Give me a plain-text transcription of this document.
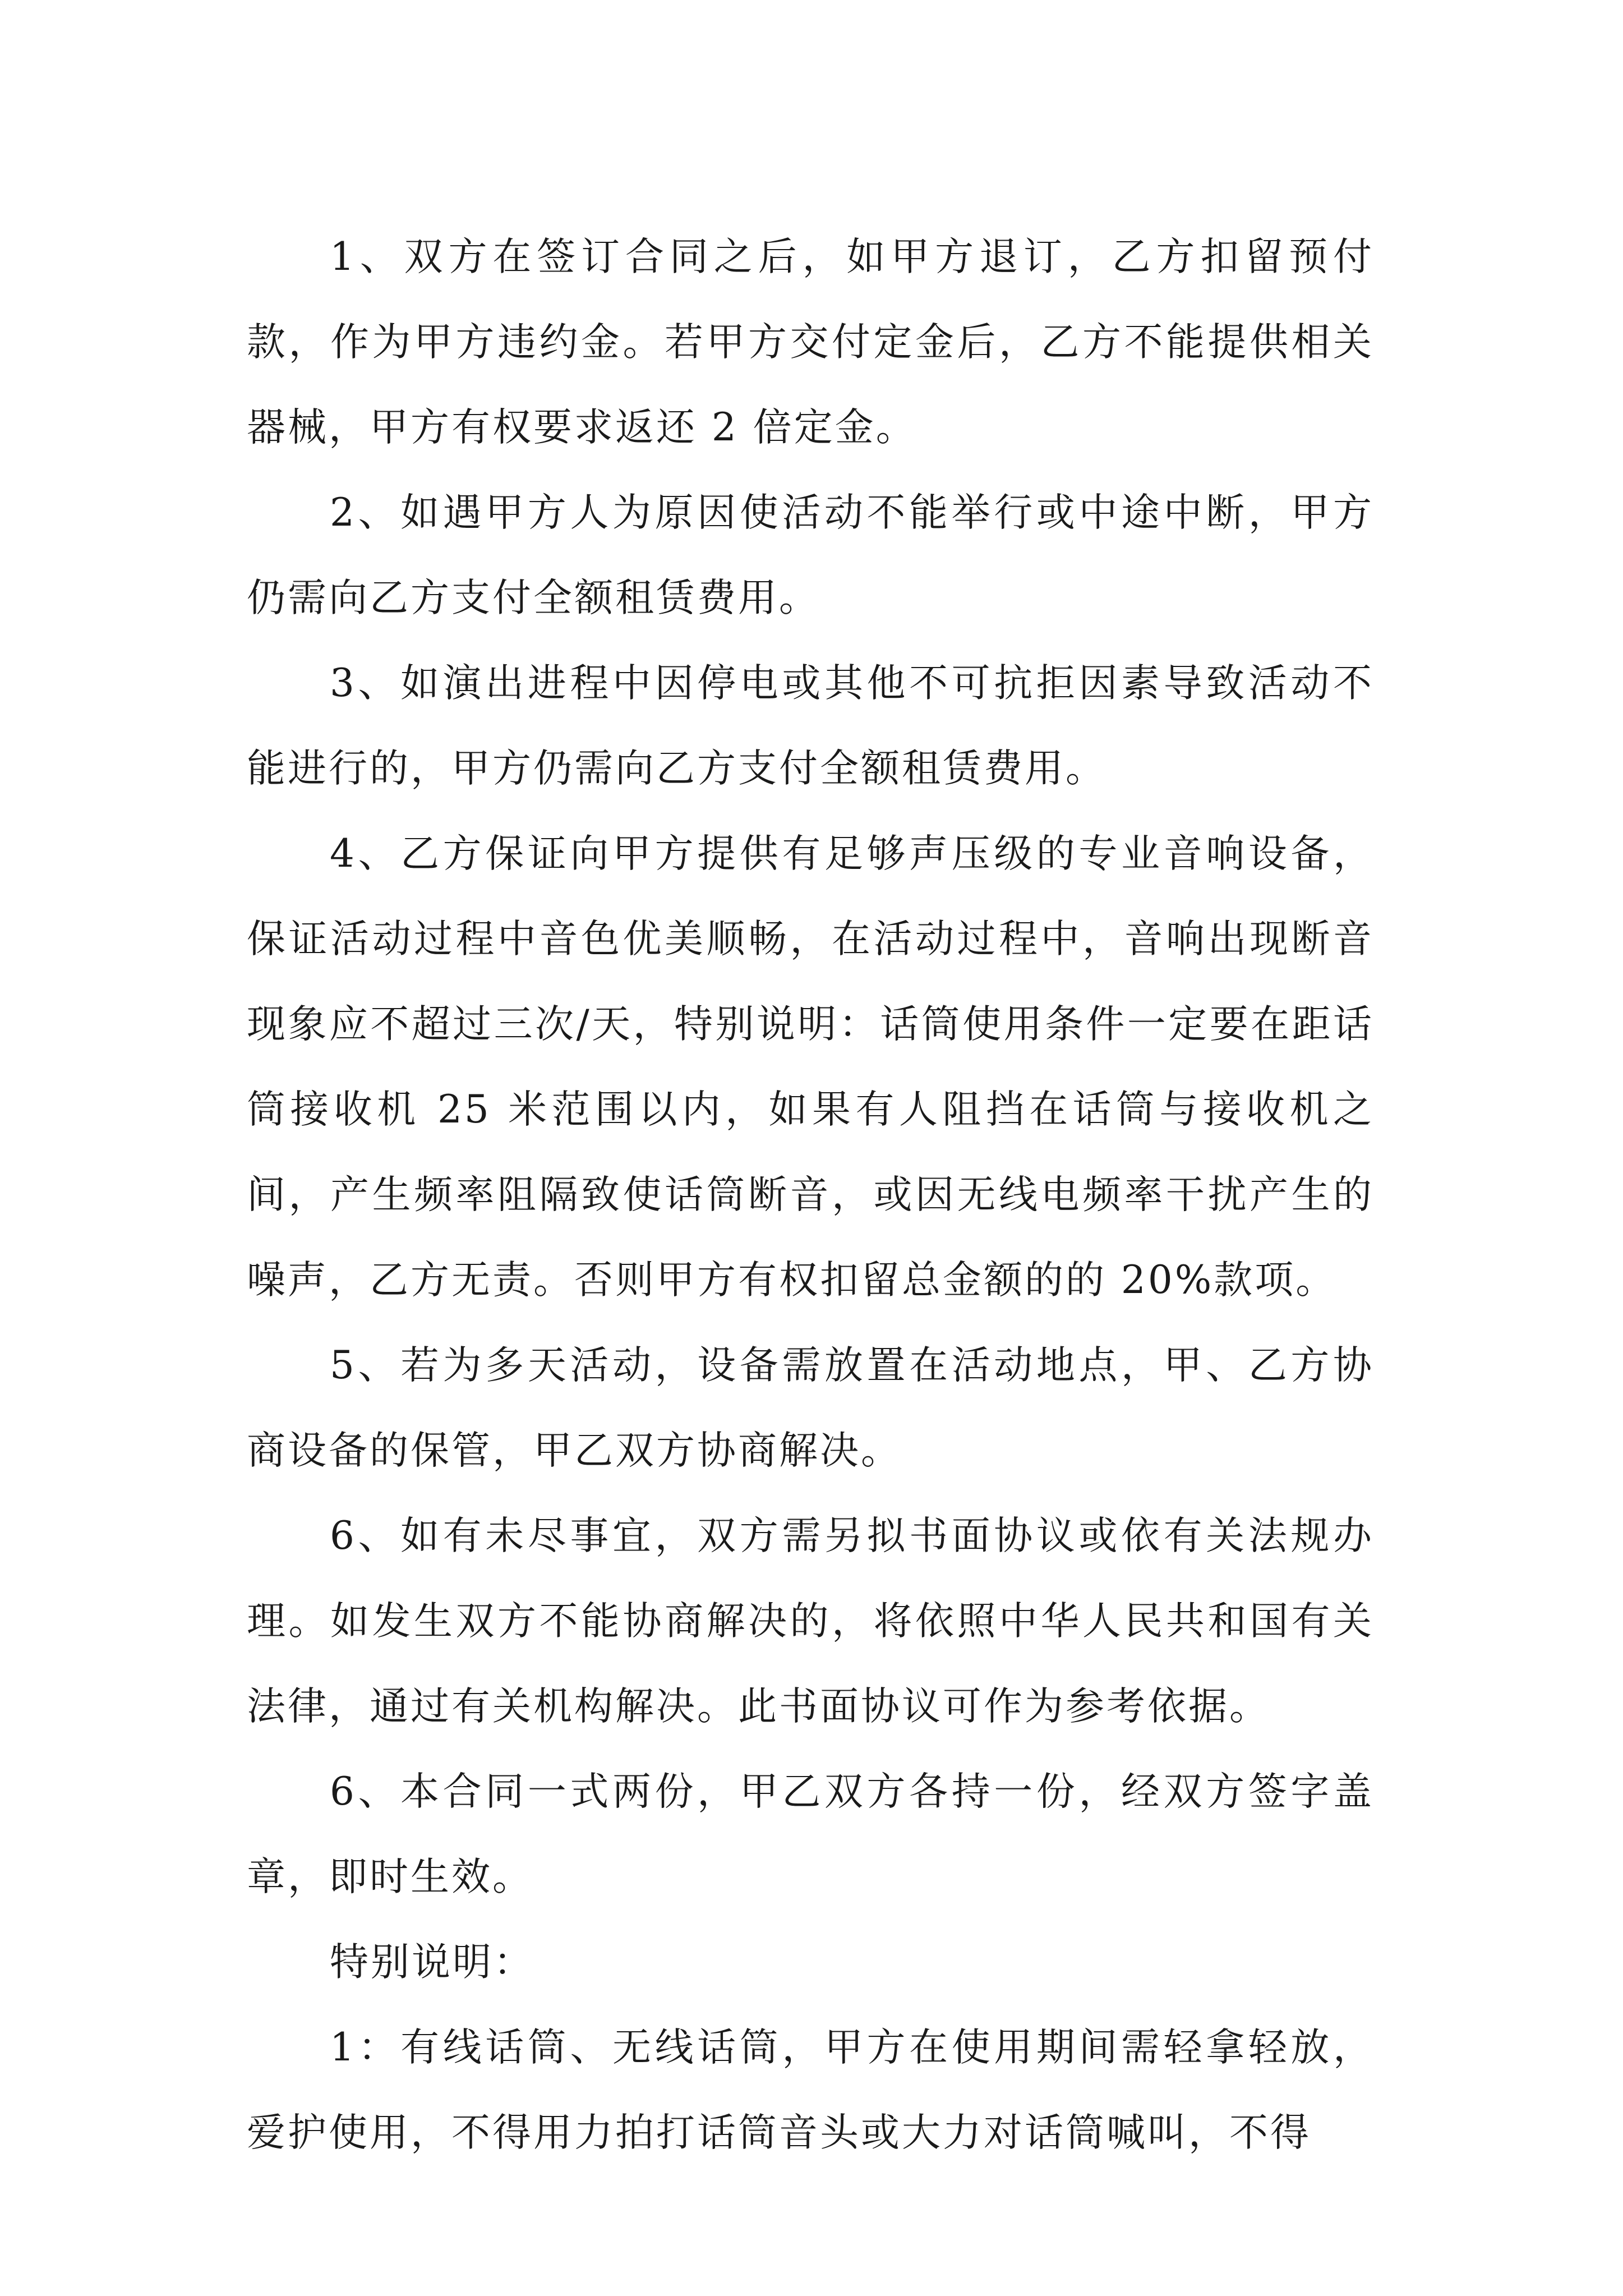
1、双方在签订合同之后，如甲方退订，乙方扣留预付款，作为甲方违约金。若甲方交付定金后，乙方不能提供相关器械，甲方有权要求返还 2 倍定金。

2、如遇甲方人为原因使活动不能举行或中途中断，甲方仍需向乙方支付全额租赁费用。

3、如演出进程中因停电或其他不可抗拒因素导致活动不能进行的，甲方仍需向乙方支付全额租赁费用。

4、乙方保证向甲方提供有足够声压级的专业音响设备，保证活动过程中音色优美顺畅，在活动过程中，音响出现断音现象应不超过三次/天，特别说明：话筒使用条件一定要在距话筒接收机 25 米范围以内，如果有人阻挡在话筒与接收机之间，产生频率阻隔致使话筒断音，或因无线电频率干扰产生的噪声，乙方无责。否则甲方有权扣留总金额的的 20%款项。

5、若为多天活动，设备需放置在活动地点，甲、乙方协商设备的保管，甲乙双方协商解决。

6、如有未尽事宜，双方需另拟书面协议或依有关法规办理。如发生双方不能协商解决的，将依照中华人民共和国有关法律，通过有关机构解决。此书面协议可作为参考依据。

6、本合同一式两份，甲乙双方各持一份，经双方签字盖章，即时生效。

特别说明：

1：有线话筒、无线话筒，甲方在使用期间需轻拿轻放，爱护使用，不得用力拍打话筒音头或大力对话筒喊叫，不得
